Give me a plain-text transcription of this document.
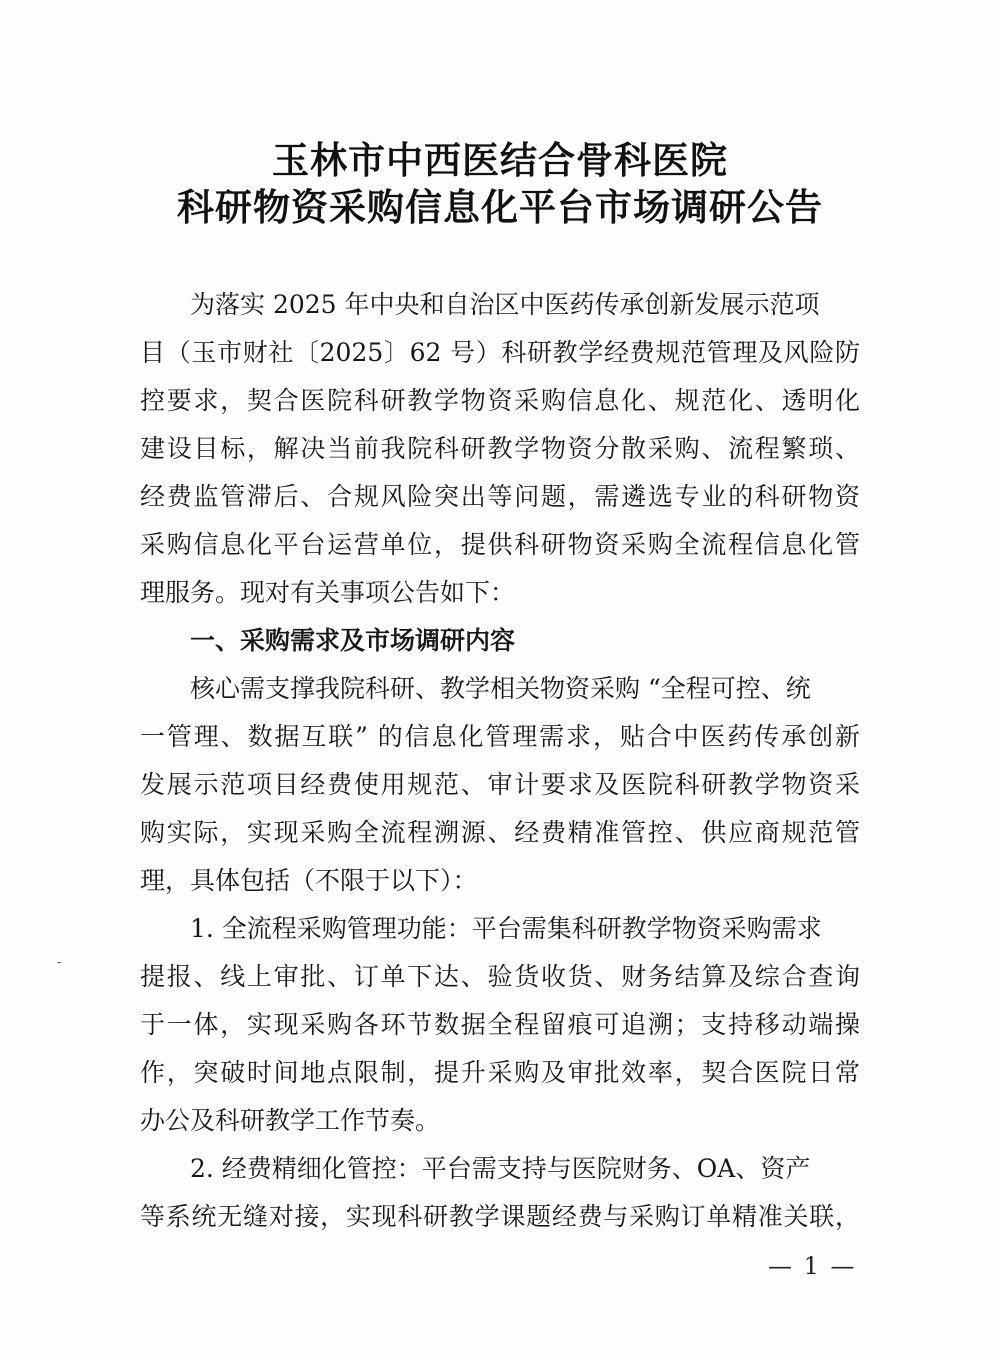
玉林市中西医结合骨科医院
科研物资采购信息化平台市场调研公告
为落实 2025 年中央和自治区中医药传承创新发展示范项
目（玉市财社〔2025〕62 号）科研教学经费规范管理及风险防
控要求，契合医院科研教学物资采购信息化、规范化、透明化
建设目标，解决当前我院科研教学物资分散采购、流程繁琐、
经费监管滞后、合规风险突出等问题，需遴选专业的科研物资
采购信息化平台运营单位，提供科研物资采购全流程信息化管
理服务。现对有关事项公告如下：
一、采购需求及市场调研内容
核心需支撑我院科研、教学相关物资采购 “全程可控、统
一管理、数据互联” 的信息化管理需求，贴合中医药传承创新
发展示范项目经费使用规范、审计要求及医院科研教学物资采
购实际，实现采购全流程溯源、经费精准管控、供应商规范管
理，具体包括（不限于以下）：
1. 全流程采购管理功能：平台需集科研教学物资采购需求
提报、线上审批、订单下达、验货收货、财务结算及综合查询
于一体，实现采购各环节数据全程留痕可追溯；支持移动端操
作，突破时间地点限制，提升采购及审批效率，契合医院日常
办公及科研教学工作节奏。
2. 经费精细化管控：平台需支持与医院财务、OA、资产
等系统无缝对接，实现科研教学课题经费与采购订单精准关联，
-
— 1 —
